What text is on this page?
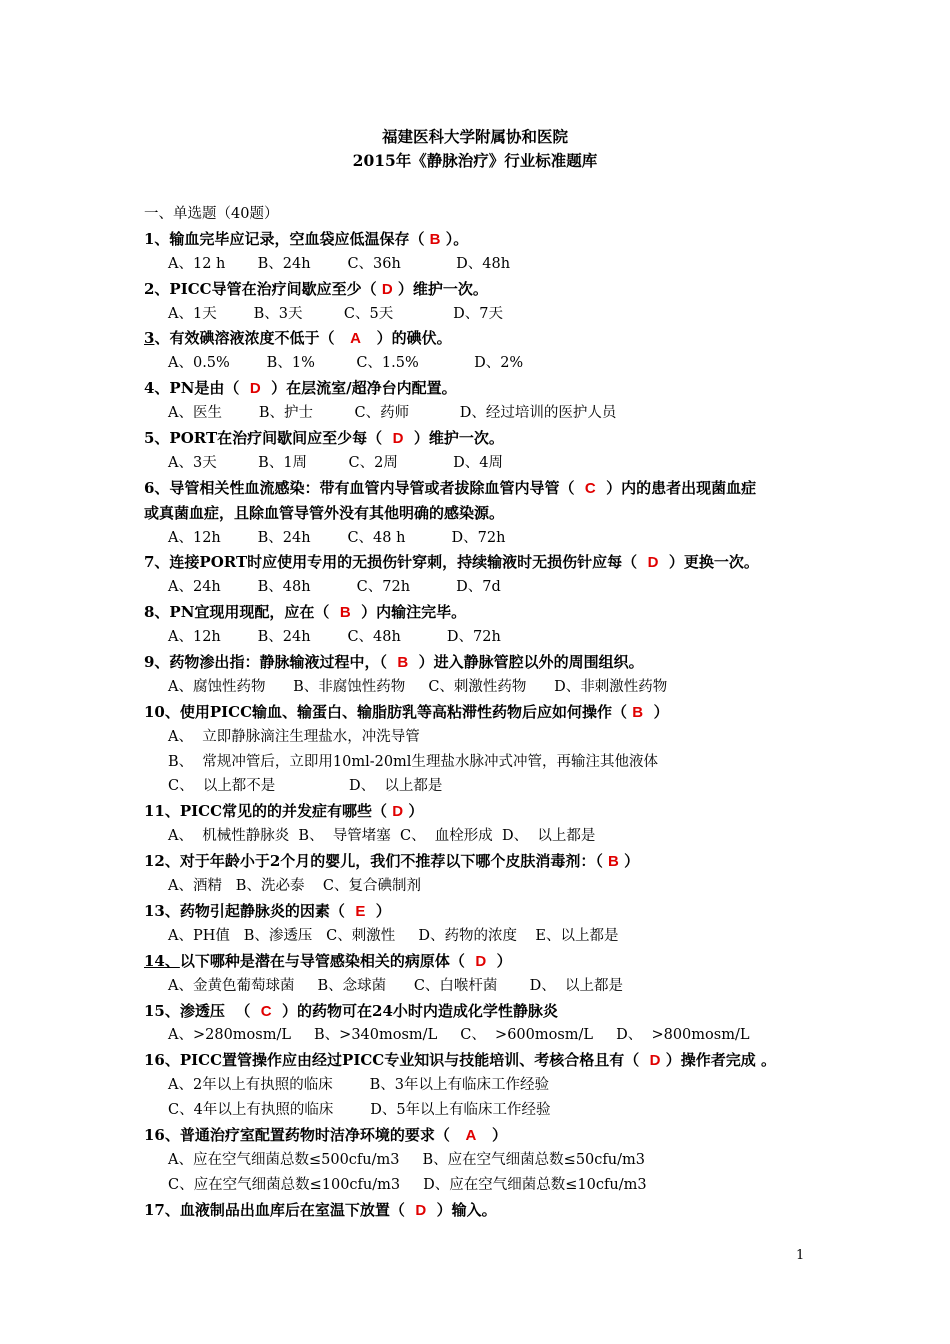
福建医科大学附属协和医院
2015年《静脉治疗》行业标准题库
一、单选题（40题）
1、输血完毕应记录，空血袋应低温保存（ B ）。
A、12 h       B、24h        C、36h            D、48h
2、PICC导管在治疗间歇应至少（ D ）维护一次。
A、1天        B、3天         C、5天             D、7天
3、有效碘溶液浓度不低于（   A   ）的碘伏。
A、0.5%        B、1%         C、1.5%            D、2%
4、PN是由（  D  ）在层流室/超净台内配置。
A、医生        B、护士         C、药师           D、经过培训的医护人员
5、PORT在治疗间歇间应至少每（  D  ）维护一次。
A、3天         B、1周         C、2周            D、4周
6、导管相关性血流感染：带有血管内导管或者拔除血管内导管（  C  ）内的患者出现菌血症
或真菌血症，且除血管导管外没有其他明确的感染源。
A、12h        B、24h        C、48 h          D、72h
7、连接PORT时应使用专用的无损伤针穿刺，持续输液时无损伤针应每（  D  ）更换一次。
A、24h        B、48h          C、72h          D、7d
8、PN宜现用现配，应在（  B  ）内输注完毕。
A、12h        B、24h        C、48h          D、72h
9、药物渗出指：静脉输液过程中，（  B  ）进入静脉管腔以外的周围组织。
A、腐蚀性药物      B、非腐蚀性药物     C、刺激性药物      D、非刺激性药物
10、使用PICC输血、输蛋白、输脂肪乳等高粘滞性药物后应如何操作（ B  ）
A、  立即静脉滴注生理盐水，冲洗导管
B、  常规冲管后，立即用10ml-20ml生理盐水脉冲式冲管，再输注其他液体
C、  以上都不是                D、  以上都是
11、PICC常见的的并发症有哪些（ D ）
A、  机械性静脉炎  B、  导管堵塞  C、  血栓形成  D、  以上都是
12、对于年龄小于2个月的婴儿，我们不推荐以下哪个皮肤消毒剂：（ B ）
A、酒精   B、洗必泰    C、复合碘制剂
13、药物引起静脉炎的因素（  E  ）
A、PH值   B、渗透压   C、刺激性     D、药物的浓度    E、以上都是
14、以下哪种是潜在与导管感染相关的病原体（  D  ）
A、金黄色葡萄球菌     B、念球菌      C、白喉杆菌       D、  以上都是
15、渗透压  （  C  ）的药物可在24小时内造成化学性静脉炎
A、>280mosm/L     B、>340mosm/L     C、  >600mosm/L     D、  >800mosm/L
16、PICC置管操作应由经过PICC专业知识与技能培训、考核合格且有（  D ）操作者完成 。
A、2年以上有执照的临床        B、3年以上有临床工作经验
C、4年以上有执照的临床        D、5年以上有临床工作经验
16、普通治疗室配置药物时洁净环境的要求（   A   ）
A、应在空气细菌总数≤500cfu/m3     B、应在空气细菌总数≤50cfu/m3
C、应在空气细菌总数≤100cfu/m3     D、应在空气细菌总数≤10cfu/m3
17、血液制品出血库后在室温下放置（  D  ）输入。
1
